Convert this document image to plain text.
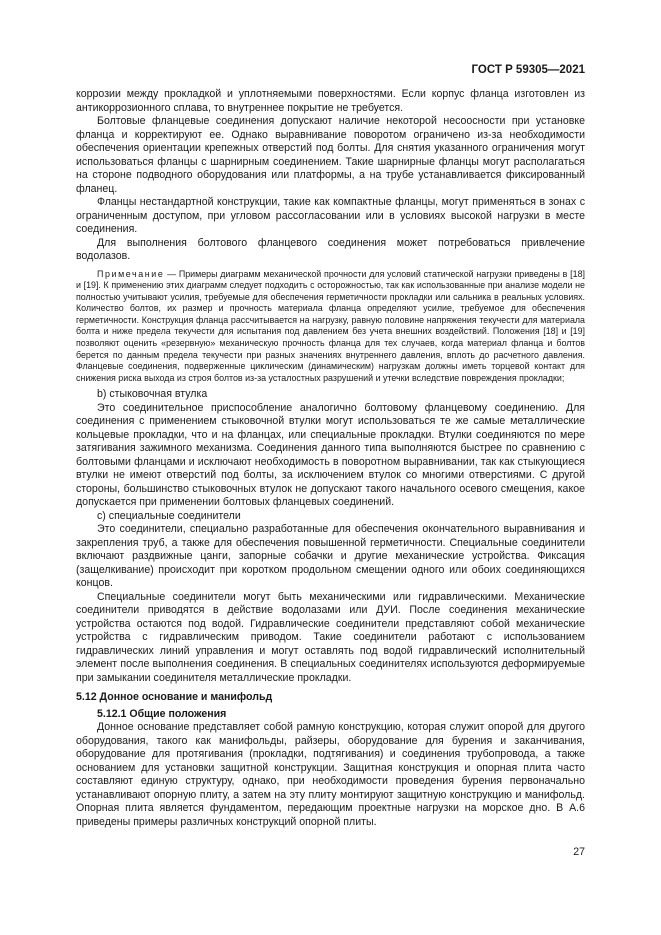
ГОСТ Р 59305—2021

коррозии между прокладкой и уплотняемыми поверхностями. Если корпус фланца изготовлен из антикоррозионного сплава, то внутреннее покрытие не требуется.

Болтовые фланцевые соединения допускают наличие некоторой несоосности при установке фланца и корректируют ее. Однако выравнивание поворотом ограничено из-за необходимости обеспечения ориентации крепежных отверстий под болты. Для снятия указанного ограничения могут использоваться фланцы с шарнирным соединением. Такие шарнирные фланцы могут располагаться на стороне подводного оборудования или платформы, а на трубе устанавливается фиксированный фланец.

Фланцы нестандартной конструкции, такие как компактные фланцы, могут применяться в зонах с ограниченным доступом, при угловом рассогласовании или в условиях высокой нагрузки в месте соединения.

Для выполнения болтового фланцевого соединения может потребоваться привлечение водолазов.

Примечание — Примеры диаграмм механической прочности для условий статической нагрузки приведены в [18] и [19]. К применению этих диаграмм следует подходить с осторожностью, так как использованные при анализе модели не полностью учитывают усилия, требуемые для обеспечения герметичности прокладки или сальника в реальных условиях. Количество болтов, их размер и прочность материала фланца определяют усилие, требуемое для обеспечения герметичности. Конструкция фланца рассчитывается на нагрузку, равную половине напряжения текучести для материала болта и ниже предела текучести для испытания под давлением без учета внешних воздействий. Положения [18] и [19] позволяют оценить «резервную» механическую прочность фланца для тех случаев, когда материал фланца и болтов берется по данным предела текучести при разных значениях внутреннего давления, вплоть до расчетного давления. Фланцевые соединения, подверженные циклическим (динамическим) нагрузкам должны иметь торцевой контакт для снижения риска выхода из строя болтов из-за усталостных разрушений и утечки вследствие повреждения прокладки;

b) стыковочная втулка

Это соединительное приспособление аналогично болтовому фланцевому соединению. Для соединения с применением стыковочной втулки могут использоваться те же самые металлические кольцевые прокладки, что и на фланцах, или специальные прокладки. Втулки соединяются по мере затягивания зажимного механизма. Соединения данного типа выполняются быстрее по сравнению с болтовыми фланцами и исключают необходимость в поворотном выравнивании, так как стыкующиеся втулки не имеют отверстий под болты, за исключением втулок со многими отверстиями. С другой стороны, большинство стыковочных втулок не допускают такого начального осевого смещения, какое допускается при применении болтовых фланцевых соединений.

c) специальные соединители

Это соединители, специально разработанные для обеспечения окончательного выравнивания и закрепления труб, а также для обеспечения повышенной герметичности. Специальные соединители включают раздвижные цанги, запорные собачки и другие механические устройства. Фиксация (защелкивание) происходит при коротком продольном смещении одного или обоих соединяющихся концов.

Специальные соединители могут быть механическими или гидравлическими. Механические соединители приводятся в действие водолазами или ДУИ. После соединения механические устройства остаются под водой. Гидравлические соединители представляют собой механические устройства с гидравлическим приводом. Такие соединители работают с использованием гидравлических линий управления и могут оставлять под водой гидравлический исполнительный элемент после выполнения соединения. В специальных соединителях используются деформируемые при замыкании соединителя металлические прокладки.

5.12 Донное основание и манифольд

5.12.1 Общие положения

Донное основание представляет собой рамную конструкцию, которая служит опорой для другого оборудования, такого как манифольды, райзеры, оборудование для бурения и заканчивания, оборудование для протягивания (прокладки, подтягивания) и соединения трубопровода, а также основанием для установки защитной конструкции. Защитная конструкция и опорная плита часто составляют единую структуру, однако, при необходимости проведения бурения первоначально устанавливают опорную плиту, а затем на эту плиту монтируют защитную конструкцию и манифольд. Опорная плита является фундаментом, передающим проектные нагрузки на морское дно. В А.6 приведены примеры различных конструкций опорной плиты.

27
